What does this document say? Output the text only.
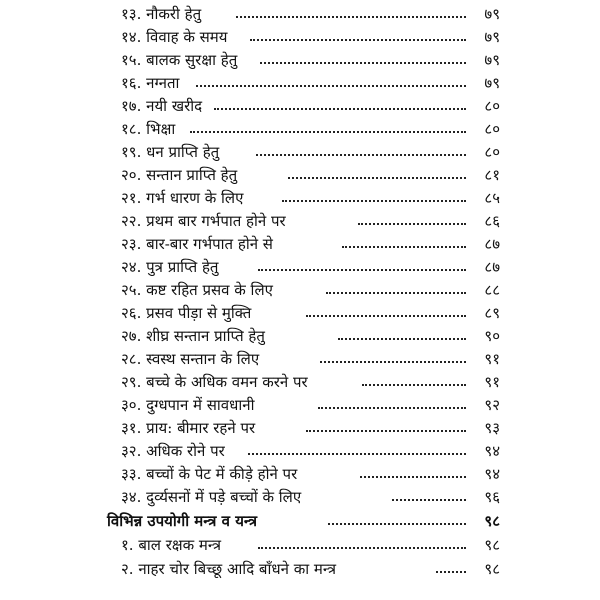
१३. नौकरी हेतु	७९
१४. विवाह के समय	७९
१५. बालक सुरक्षा हेतु	७९
१६. नग्नता	७९
१७. नयी खरीद	८०
१८. भिक्षा	८०
१९. धन प्राप्ति हेतु	८०
२०. सन्तान प्राप्ति हेतु	८१
२१. गर्भ धारण के लिए	८५
२२. प्रथम बार गर्भपात होने पर	८६
२३. बार-बार गर्भपात होने से	८७
२४. पुत्र प्राप्ति हेतु	८७
२५. कष्ट रहित प्रसव के लिए	८८
२६. प्रसव पीड़ा से मुक्ति	८९
२७. शीघ्र सन्तान प्राप्ति हेतु	९०
२८. स्वस्थ सन्तान के लिए	९१
२९. बच्चे के अधिक वमन करने पर	९१
३०. दुग्धपान में सावधानी	९२
३१. प्राय: बीमार रहने पर	९३
३२. अधिक रोने पर	९४
३३. बच्चों के पेट में कीड़े होने पर	९४
३४. दुर्व्यसनों में पड़े बच्चों के लिए	९६
विभिन्न उपयोगी मन्त्र व यन्त्र	९८
१. बाल रक्षक मन्त्र	९८
२. नाहर चोर बिच्छू आदि बाँधने का मन्त्र	९८
